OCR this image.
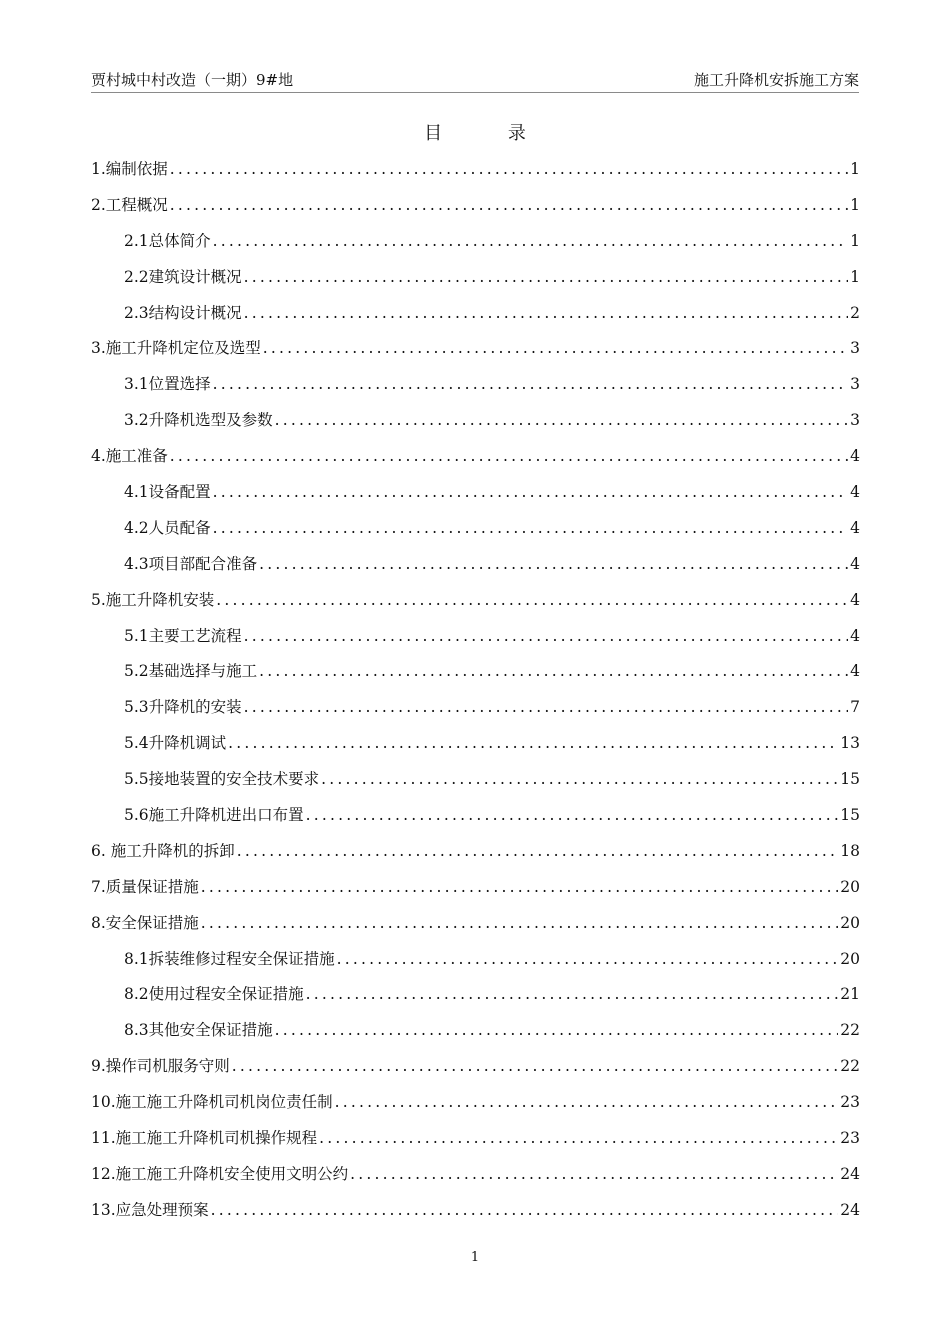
贾村城中村改造（一期）9#地	施工升降机安拆施工方案
目 录
1.编制依据 .....	1
2.工程概况 .....	1
2.1总体简介 .....	1
2.2建筑设计概况 .....	1
2.3结构设计概况 .....	2
3.施工升降机定位及选型 .....	3
3.1位置选择 .....	3
3.2升降机选型及参数 .....	3
4.施工准备 .....	4
4.1设备配置 .....	4
4.2人员配备 .....	4
4.3项目部配合准备 .....	4
5.施工升降机安装 .....	4
5.1主要工艺流程 .....	4
5.2基础选择与施工 .....	4
5.3升降机的安装 .....	7
5.4升降机调试 .....	13
5.5接地装置的安全技术要求 .....	15
5.6施工升降机进出口布置 .....	15
6. 施工升降机的拆卸 .....	18
7.质量保证措施 .....	20
8.安全保证措施 .....	20
8.1拆装维修过程安全保证措施 .....	20
8.2使用过程安全保证措施 .....	21
8.3其他安全保证措施 .....	22
9.操作司机服务守则 .....	22
10.施工施工升降机司机岗位责任制 .....	23
11.施工施工升降机司机操作规程 .....	23
12.施工施工升降机安全使用文明公约 .....	24
13.应急处理预案 .....	24
1
